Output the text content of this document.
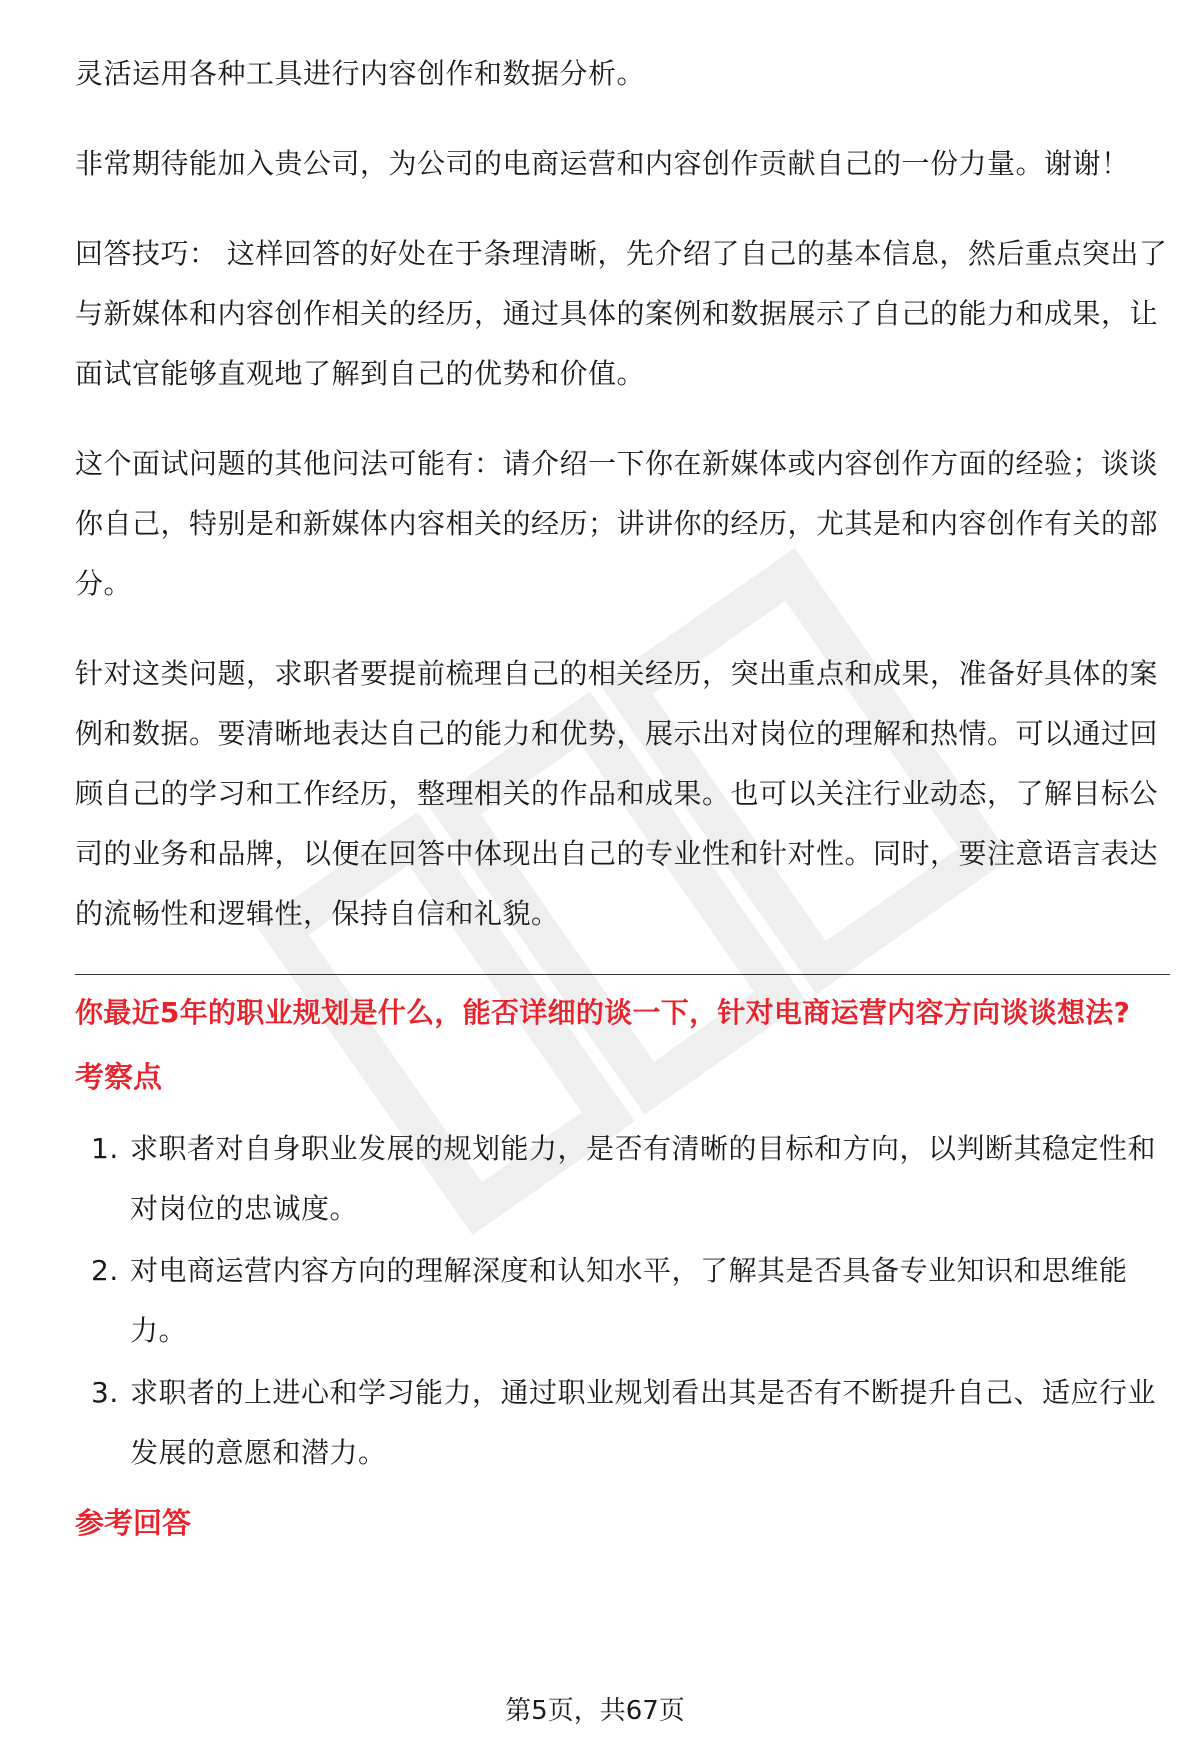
灵活运用各种工具进行内容创作和数据分析。

非常期待能加入贵公司，为公司的电商运营和内容创作贡献自己的一份力量。谢谢！

回答技巧： 这样回答的好处在于条理清晰，先介绍了自己的基本信息，然后重点突出了与新媒体和内容创作相关的经历，通过具体的案例和数据展示了自己的能力和成果，让面试官能够直观地了解到自己的优势和价值。

这个面试问题的其他问法可能有：请介绍一下你在新媒体或内容创作方面的经验；谈谈你自己，特别是和新媒体内容相关的经历；讲讲你的经历，尤其是和内容创作有关的部分。

针对这类问题，求职者要提前梳理自己的相关经历，突出重点和成果，准备好具体的案例和数据。要清晰地表达自己的能力和优势，展示出对岗位的理解和热情。可以通过回顾自己的学习和工作经历，整理相关的作品和成果。也可以关注行业动态，了解目标公司的业务和品牌，以便在回答中体现出自己的专业性和针对性。同时，要注意语言表达的流畅性和逻辑性，保持自信和礼貌。

你最近5年的职业规划是什么，能否详细的谈一下，针对电商运营内容方向谈谈想法?
考察点
1. 求职者对自身职业发展的规划能力，是否有清晰的目标和方向，以判断其稳定性和对岗位的忠诚度。
2. 对电商运营内容方向的理解深度和认知水平，了解其是否具备专业知识和思维能力。
3. 求职者的上进心和学习能力，通过职业规划看出其是否有不断提升自己、适应行业发展的意愿和潜力。
参考回答
第5页，共67页
